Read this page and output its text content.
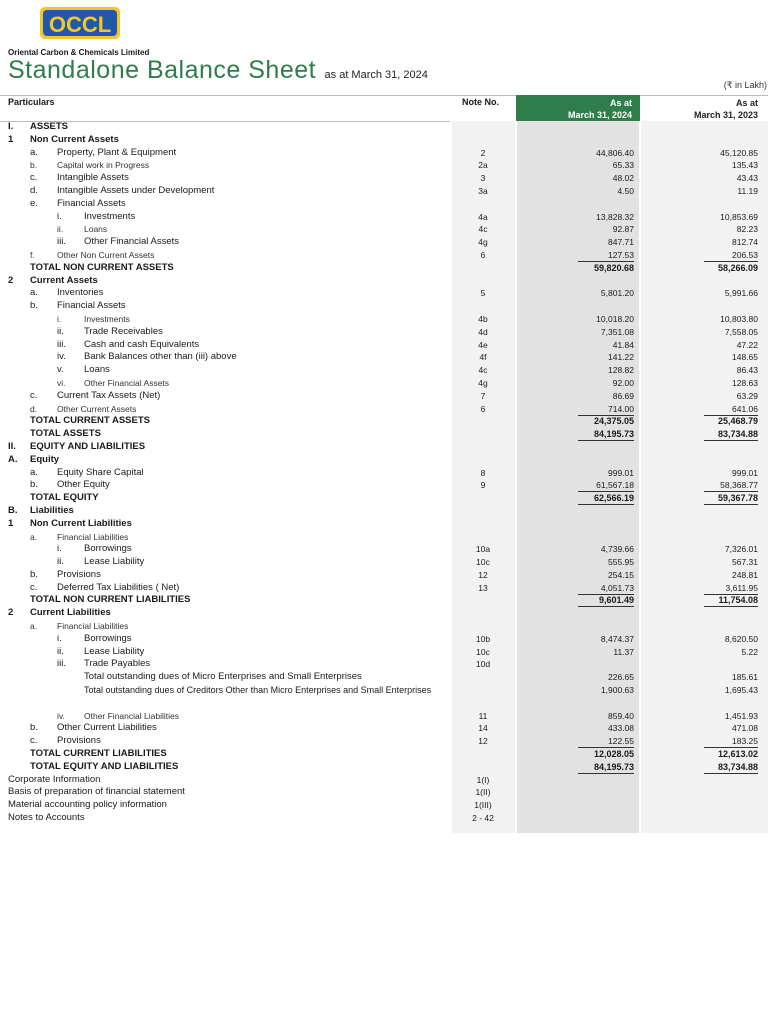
OCCL
Oriental Carbon & Chemicals Limited
Standalone Balance Sheet as at March 31, 2024
(₹ in Lakh)
Particulars	Note No.	As at
March 31, 2024
As at
March 31, 2023
I. ASSETS
1 Non Current Assets
a. Property, Plant & Equipment	2	44,806.40	45,120.85
b. Capital work in Progress	2a	65.33	135.43
c. Intangible Assets	3	48.02	43.43
d. Intangible Assets under Development	3a	4.50	11.19
e. Financial Assets
i. Investments	4a	13,828.32	10,853.69
ii. Loans	4c	92.87	82.23
iii. Other Financial Assets	4g	847.71	812.74
f.	Other Non Current Assets	6	127.53	206.53
TOTAL NON CURRENT ASSETS	59,820.68	58,266.09
2 Current Assets
a. Inventories	5	5,801.20	5,991.66
b. Financial Assets
i.	Investments	4b	10,018.20	10,803.80
ii. Trade Receivables	4d	7,351.08	7,558.05
iii. Cash and cash Equivalents	4e	41.84	47.22
iv. Bank Balances other than (iii) above	4f	141.22	148.65
v. Loans	4c	128.82	86.43
vi. Other Financial Assets	4g	92.00	128.63
c. Current Tax Assets (Net)	7	86.69	63.29
d. Other Current Assets	6	714.00	641.06
TOTAL CURRENT ASSETS	24,375.05	25,468.79
TOTAL ASSETS	84,195.73	83,734.88
II. EQUITY AND LIABILITIES
A. Equity
a. Equity Share Capital	8	999.01	999.01
b. Other Equity	9	61,567.18	58,368.77
TOTAL EQUITY	62,566.19	59,367.78
B. Liabilities
1 Non Current Liabilities
a. Financial Liabilities
i. Borrowings	10a	4,739.66	7,326.01
ii. Lease Liability	10c	555.95	567.31
b. Provisions	12	254.15	248.81
c. Deferred Tax Liabilities ( Net)	13	4,051.73	3,611.95
TOTAL NON CURRENT LIABILITIES	9,601.49	11,754.08
2 Current Liabilities
a. Financial Liabilities
i. Borrowings	10b	8,474.37	8,620.50
ii. Lease Liability	10c	11.37	5.22
iii. Trade Payables	10d
Total outstanding dues of Micro Enterprises and Small Enterprises	226.65	185.61
Total outstanding dues of Creditors Other than Micro Enterprises and Small Enterprises	1,900.63	1,695.43
iv. Other Financial Liabilities	11	859.40	1,451.93
b. Other Current Liabilities	14	433.08	471.08
c. Provisions	12	122.55	183.25
TOTAL CURRENT LIABILITIES	12,028.05	12,613.02
TOTAL EQUITY AND LIABILITIES	84,195.73	83,734.88
Corporate Information	1(I)
Basis of preparation of financial statement	1(II)
Material accounting policy information	1(III)
Notes to Accounts	2 - 42
